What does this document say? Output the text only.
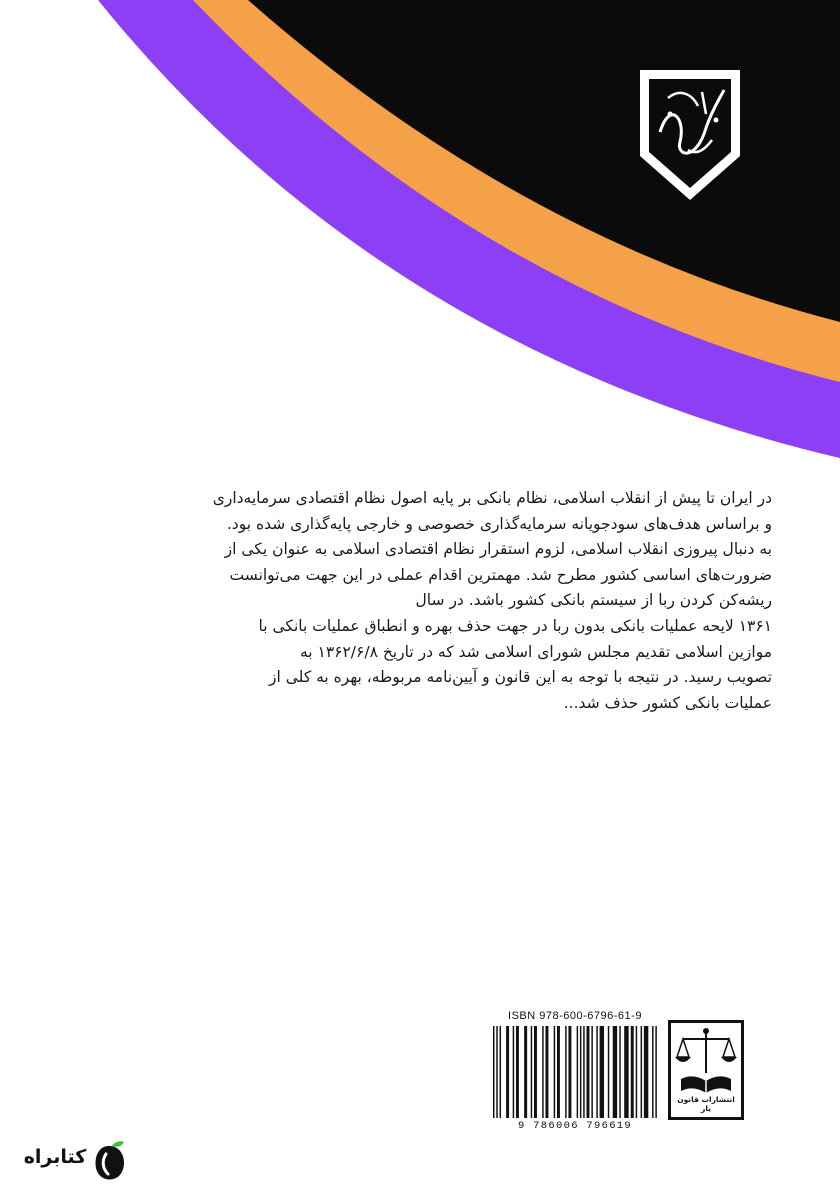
در ایران تا پیش از انقلاب اسلامی، نظام بانکی بر پایه اصول نظام اقتصادی سرمایه‌داری
و براساس هدف‌های سودجویانه سرمایه‌گذاری خصوصی و خارجی پایه‌گذاری شده بود.
به دنبال پیروزی انقلاب اسلامی، لزوم استقرار نظام اقتصادی اسلامی به عنوان یکی از
ضرورت‌های اساسی کشور مطرح شد. مهمترین اقدام عملی در این جهت می‌توانست
ریشه‌کن کردن ربا از سیستم بانکی کشور باشد. در سال
۱۳۶۱ لایحه عملیات بانکی بدون ربا در جهت حذف بهره و انطباق عملیات بانکی با
موازین اسلامی تقدیم مجلس شورای اسلامی شد که در تاریخ ۱۳۶۲/۶/۸ به
تصویب رسید. در نتیجه با توجه به این قانون و آیین‌نامه مربوطه، بهره به کلی از
عملیات بانکی کشور حذف شد...
ISBN 978-600-6796-61-9
9 786006 796619
انتشارات قانون یار
کتابراه
